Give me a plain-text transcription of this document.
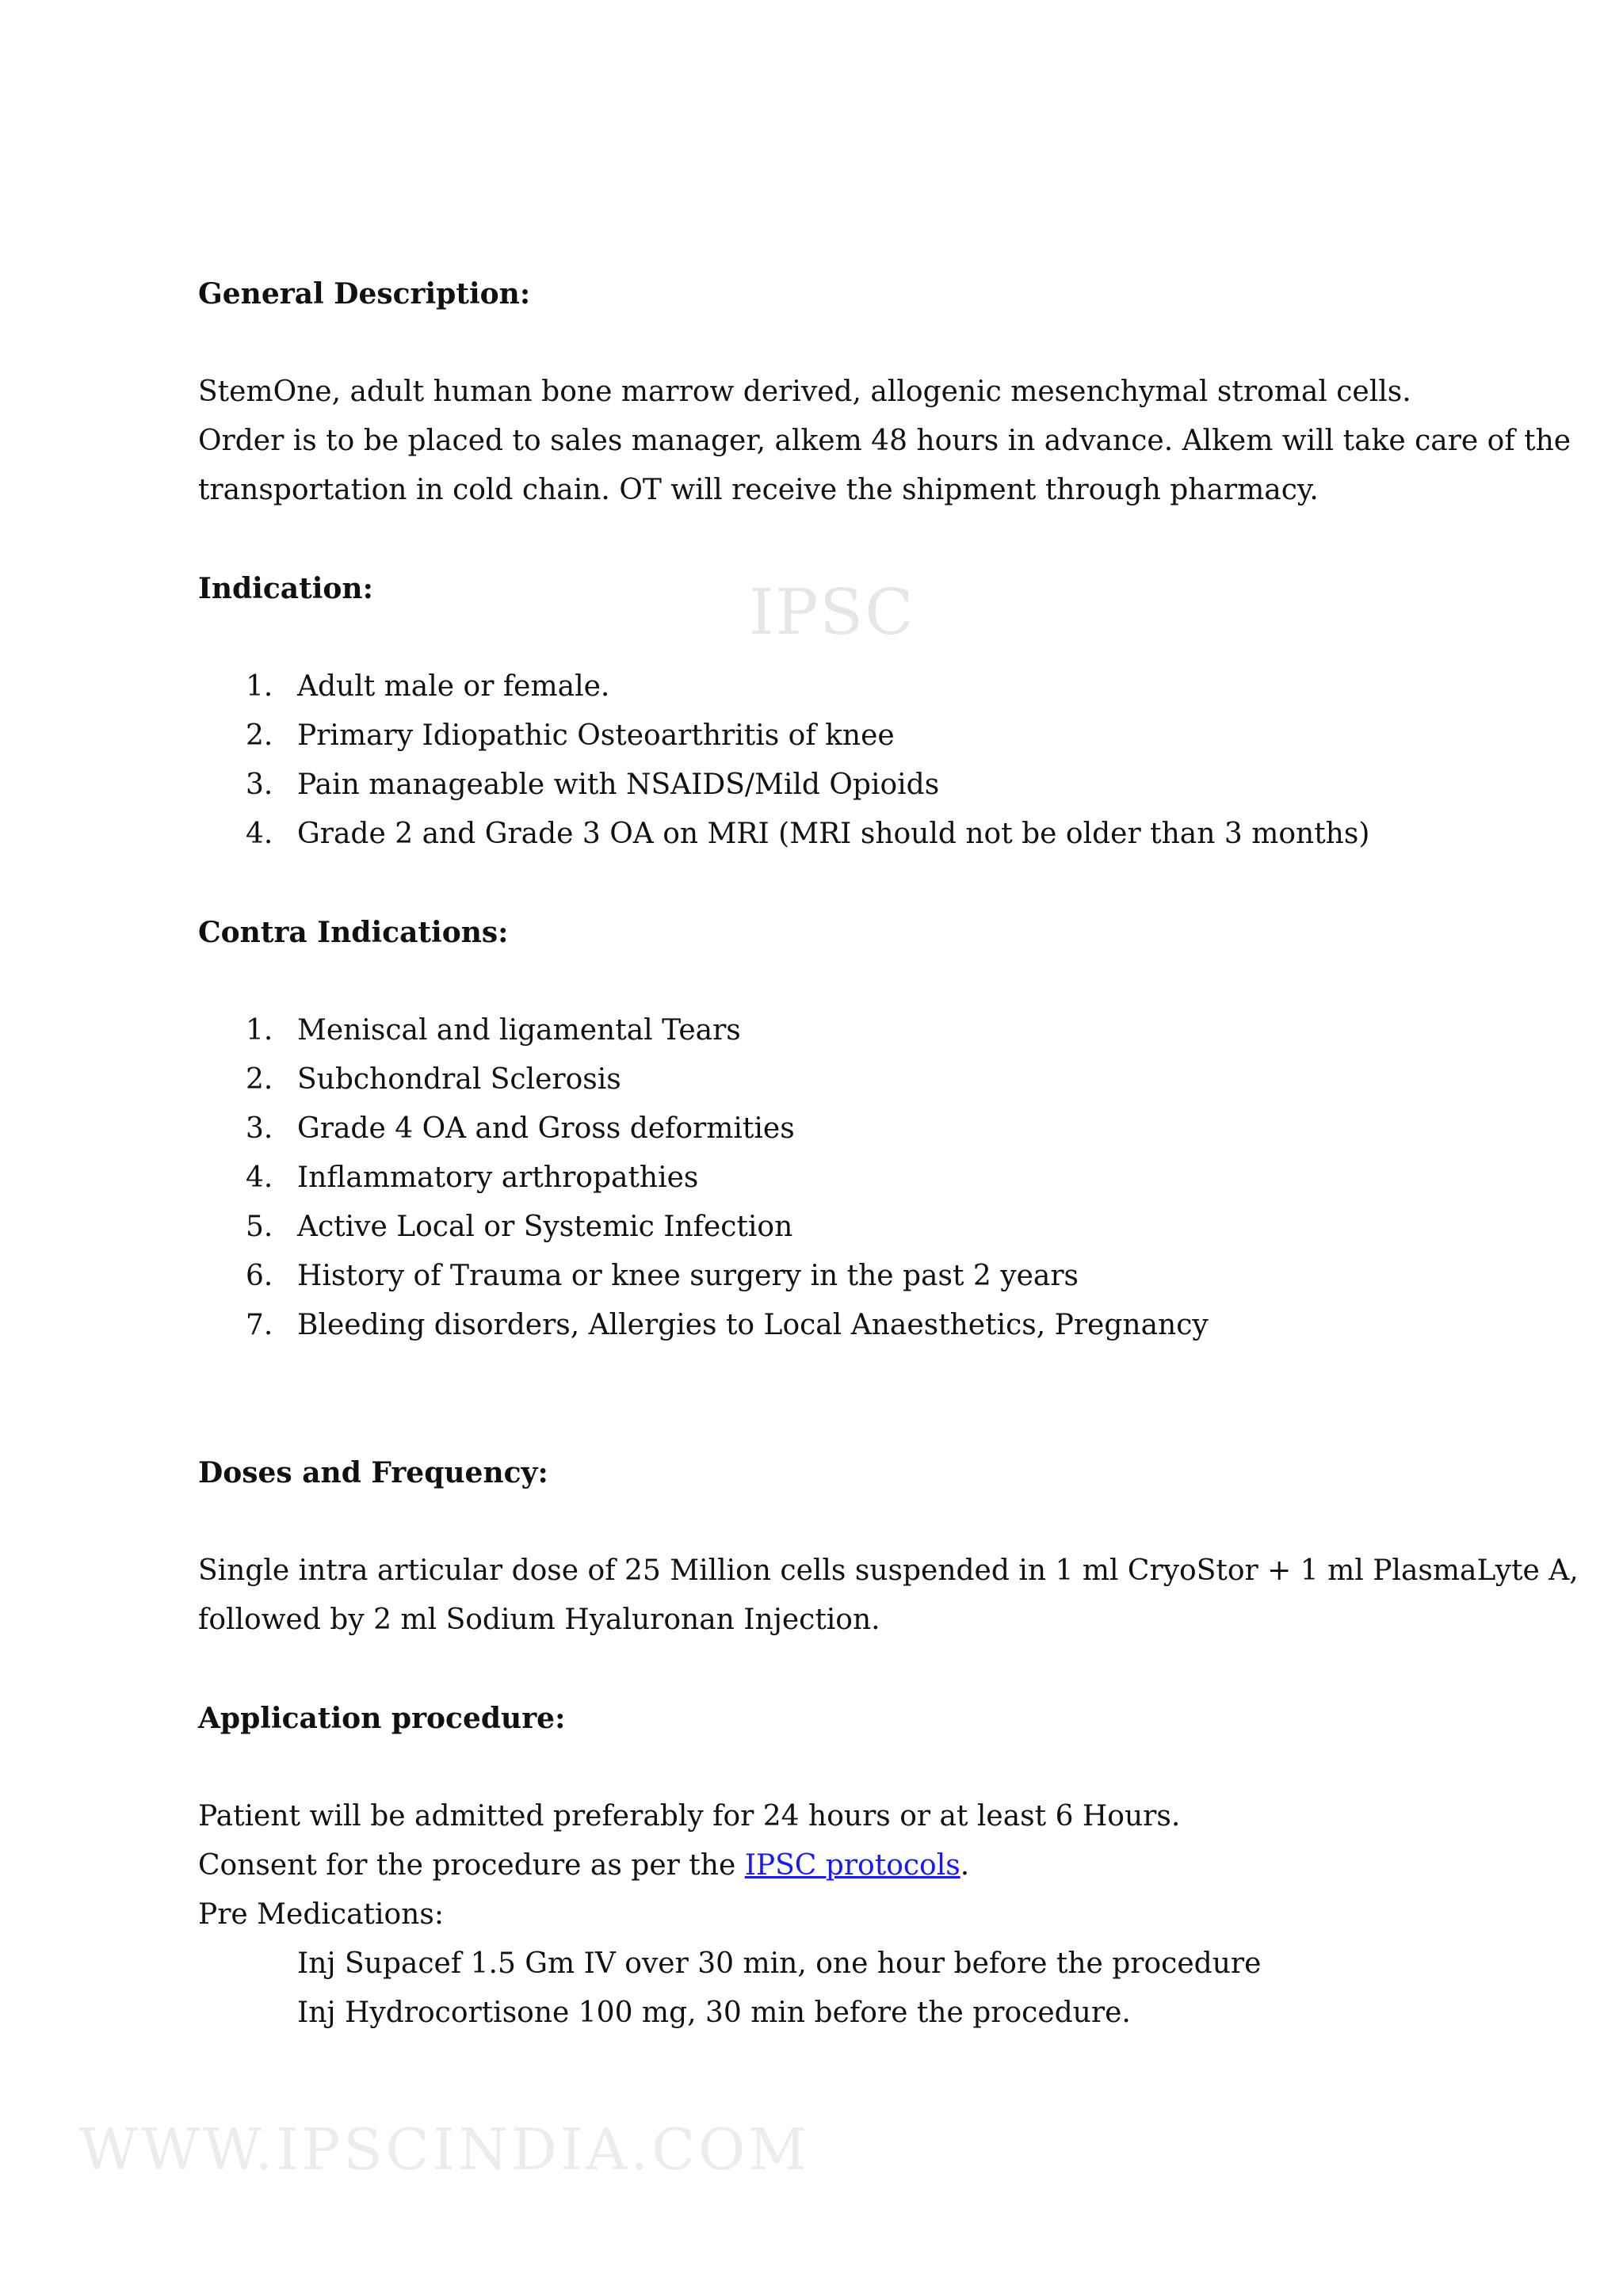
IPSC

General Description:

StemOne, adult human bone marrow derived, allogenic mesenchymal stromal cells.
Order is to be placed to sales manager, alkem 48 hours in advance. Alkem will take care of the
transportation in cold chain. OT will receive the shipment through pharmacy.

Indication:

1. Adult male or female.
2. Primary Idiopathic Osteoarthritis of knee
3. Pain manageable with NSAIDS/Mild Opioids
4. Grade 2 and Grade 3 OA on MRI (MRI should not be older than 3 months)

Contra Indications:

1. Meniscal and ligamental Tears
2. Subchondral Sclerosis
3. Grade 4 OA and Gross deformities
4. Inflammatory arthropathies
5. Active Local or Systemic Infection
6. History of Trauma or knee surgery in the past 2 years
7. Bleeding disorders, Allergies to Local Anaesthetics, Pregnancy

Doses and Frequency:

Single intra articular dose of 25 Million cells suspended in 1 ml CryoStor + 1 ml PlasmaLyte A,
followed by 2 ml Sodium Hyaluronan Injection.

Application procedure:

Patient will be admitted preferably for 24 hours or at least 6 Hours.
Consent for the procedure as per the IPSC protocols.
Pre Medications:
Inj Supacef 1.5 Gm IV over 30 min, one hour before the procedure
Inj Hydrocortisone 100 mg, 30 min before the procedure.

WWW.IPSCINDIA.COM
